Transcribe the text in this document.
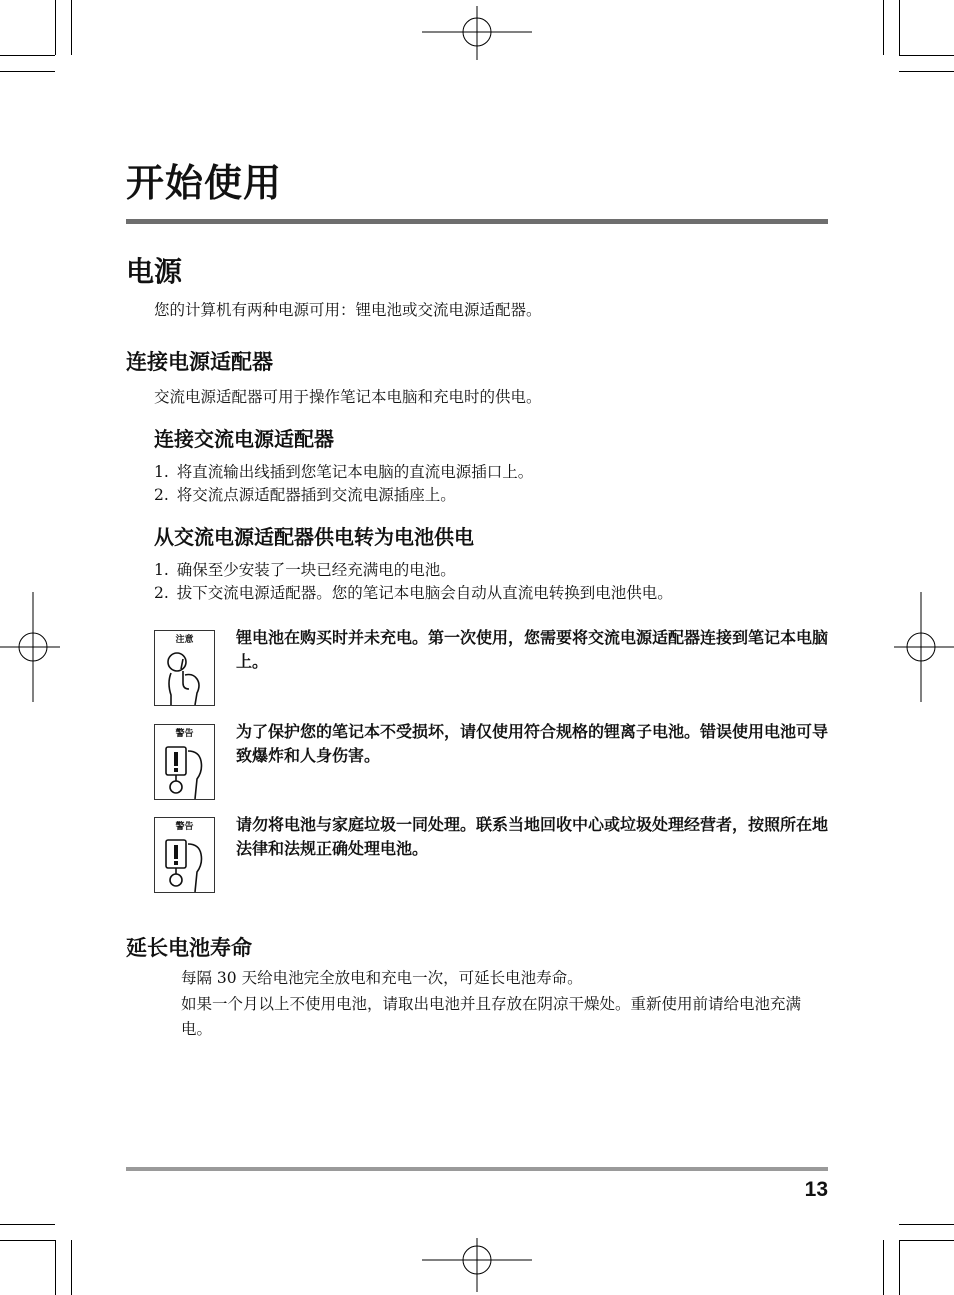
开始使用
电源
您的计算机有两种电源可用：锂电池或交流电源适配器。
连接电源适配器
交流电源适配器可用于操作笔记本电脑和充电时的供电。
连接交流电源适配器
1. 将直流输出线插到您笔记本电脑的直流电源插口上。
2. 将交流点源适配器插到交流电源插座上。
从交流电源适配器供电转为电池供电
1. 确保至少安装了一块已经充满电的电池。
2. 拔下交流电源适配器。您的笔记本电脑会自动从直流电转换到电池供电。
注意	锂电池在购买时并未充电。第一次使用，您需要将交流电源适配器连接到笔记本电脑上。
警告	为了保护您的笔记本不受损坏，请仅使用符合规格的锂离子电池。错误使用电池可导致爆炸和人身伤害。
警告	请勿将电池与家庭垃圾一同处理。联系当地回收中心或垃圾处理经营者，按照所在地法律和法规正确处理电池。
延长电池寿命
每隔 30 天给电池完全放电和充电一次，可延长电池寿命。
如果一个月以上不使用电池，请取出电池并且存放在阴凉干燥处。重新使用前请给电池充满电。
13
